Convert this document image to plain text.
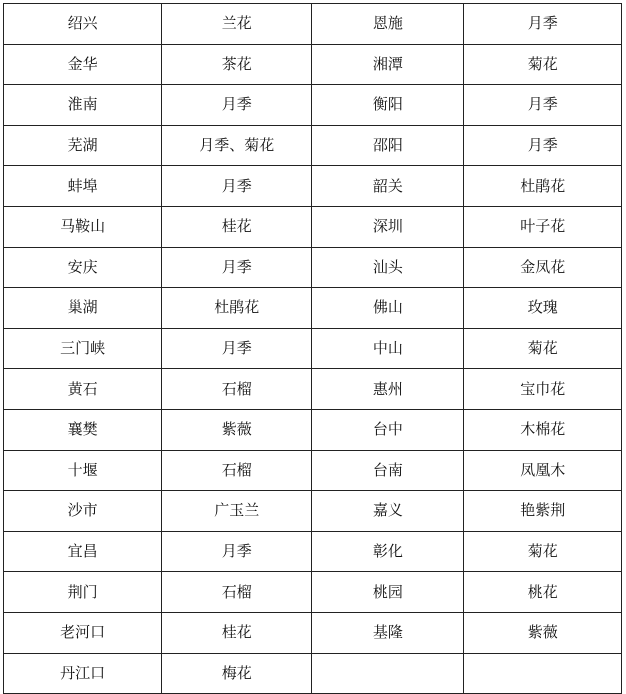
绍兴	兰花	恩施	月季
金华	茶花	湘潭	菊花
淮南	月季	衡阳	月季
芜湖	月季、菊花	邵阳	月季
蚌埠	月季	韶关	杜鹃花
马鞍山	桂花	深圳	叶子花
安庆	月季	汕头	金凤花
巢湖	杜鹃花	佛山	玫瑰
三门峡	月季	中山	菊花
黄石	石榴	惠州	宝巾花
襄樊	紫薇	台中	木棉花
十堰	石榴	台南	凤凰木
沙市	广玉兰	嘉义	艳紫荆
宜昌	月季	彰化	菊花
荆门	石榴	桃园	桃花
老河口	桂花	基隆	紫薇
丹江口	梅花		
